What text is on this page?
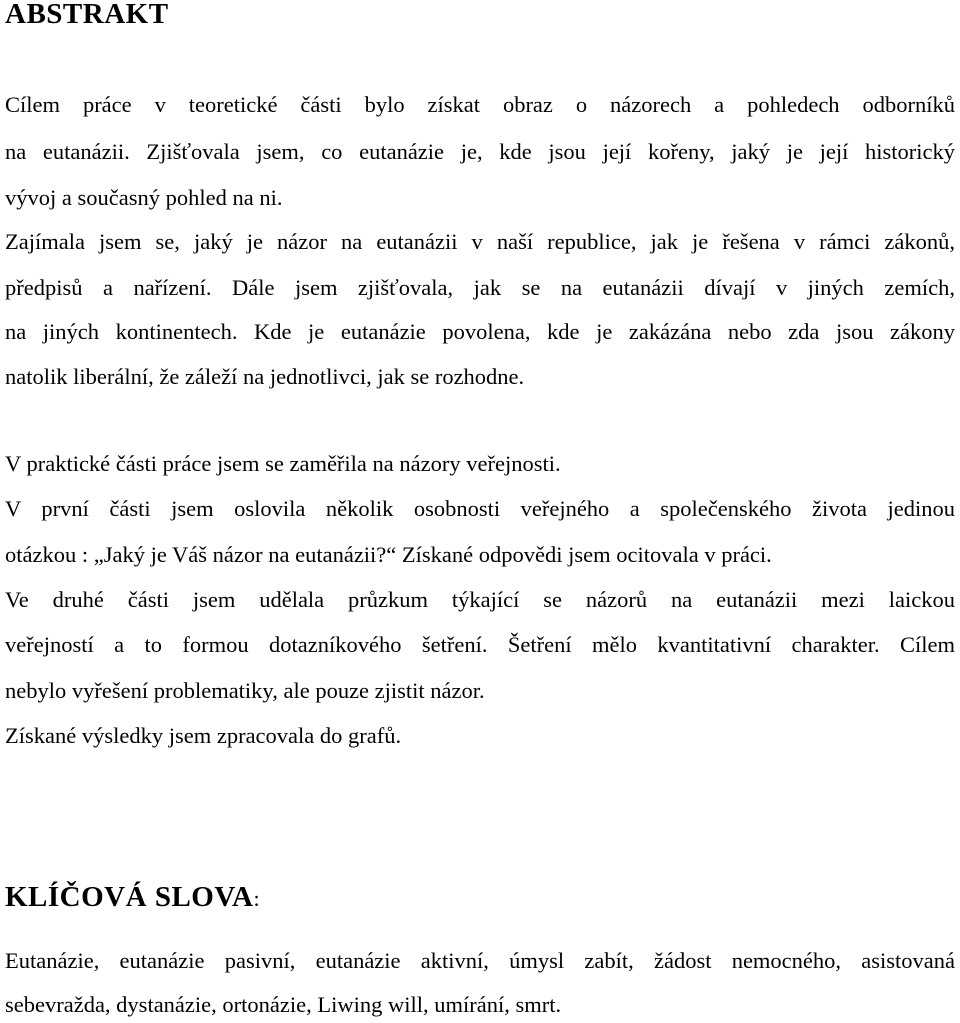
ABSTRAKT
Cílem práce v teoretické části bylo získat obraz o názorech a pohledech odborníků
na eutanázii. Zjišťovala jsem, co eutanázie je, kde jsou její kořeny, jaký je její historický
vývoj a současný pohled na ni.
Zajímala jsem se, jaký je názor na eutanázii v naší republice, jak je řešena v rámci zákonů,
předpisů a nařízení. Dále jsem zjišťovala, jak se na eutanázii dívají v jiných zemích,
na jiných kontinentech. Kde je eutanázie povolena, kde je zakázána nebo zda jsou zákony
natolik liberální, že záleží na jednotlivci, jak se rozhodne.
V praktické části práce jsem se zaměřila na názory veřejnosti.
V první části jsem oslovila několik osobnosti veřejného a společenského života jedinou
otázkou : „Jaký je Váš názor na eutanázii?“ Získané odpovědi jsem ocitovala v práci.
Ve druhé části jsem udělala průzkum týkající se názorů na eutanázii mezi laickou
veřejností a to formou dotazníkového šetření. Šetření mělo kvantitativní charakter. Cílem
nebylo vyřešení problematiky, ale pouze zjistit názor.
Získané výsledky jsem zpracovala do grafů.
KLÍČOVÁ SLOVA:
Eutanázie, eutanázie pasivní, eutanázie aktivní, úmysl zabít, žádost nemocného, asistovaná
sebevražda, dystanázie, ortonázie, Liwing will, umírání, smrt.
